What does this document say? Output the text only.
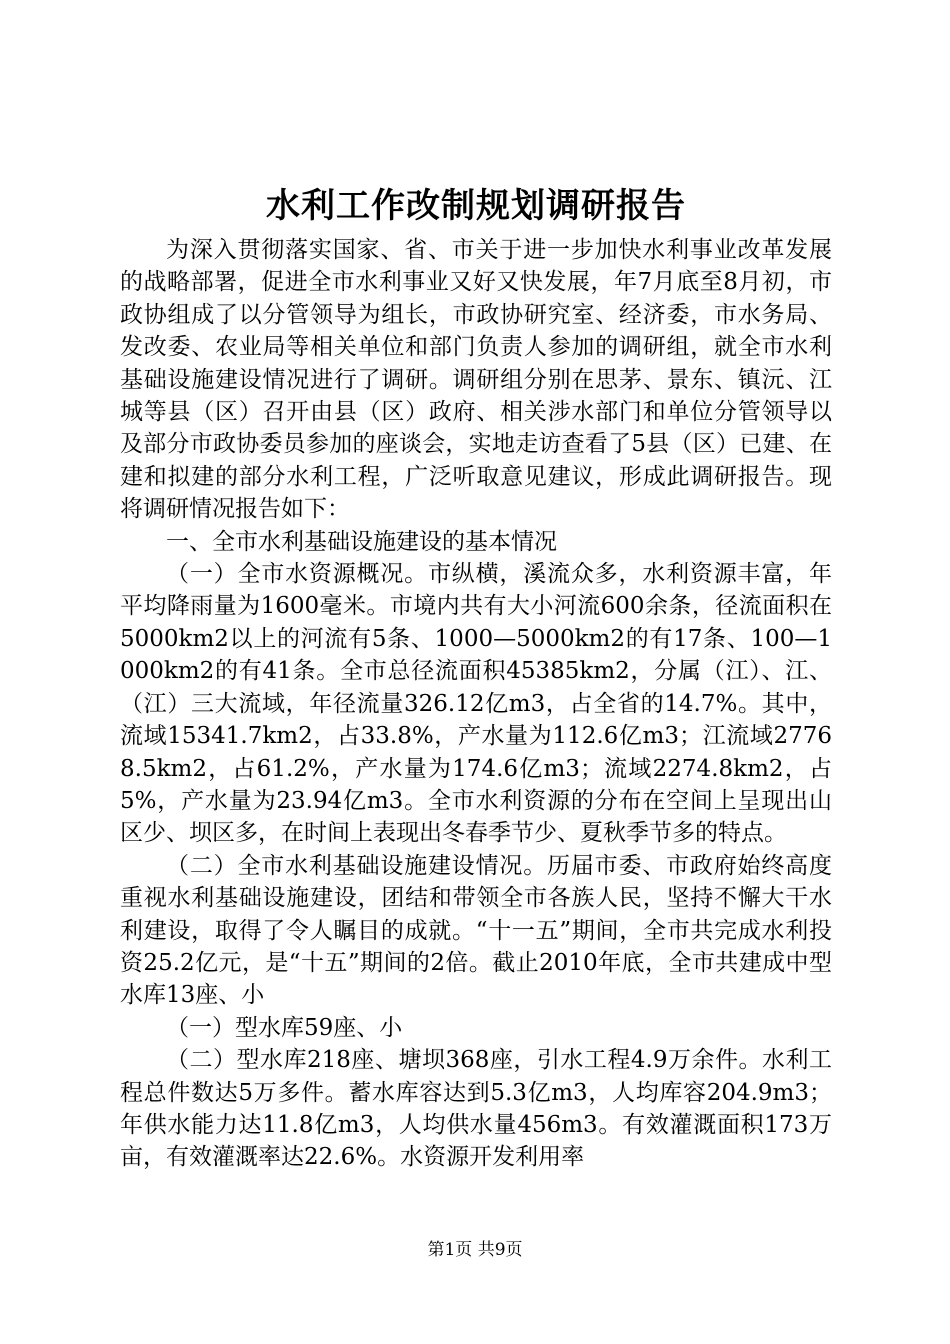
水利工作改制规划调研报告

为深入贯彻落实国家、省、市关于进一步加快水利事业改革发展的战略部署，促进全市水利事业又好又快发展，年7月底至8月初，市政协组成了以分管领导为组长，市政协研究室、经济委，市水务局、发改委、农业局等相关单位和部门负责人参加的调研组，就全市水利基础设施建设情况进行了调研。调研组分别在思茅、景东、镇沅、江城等县（区）召开由县（区）政府、相关涉水部门和单位分管领导以及部分市政协委员参加的座谈会，实地走访查看了5县（区）已建、在建和拟建的部分水利工程，广泛听取意见建议，形成此调研报告。现将调研情况报告如下：

一、全市水利基础设施建设的基本情况

（一）全市水资源概况。市纵横，溪流众多，水利资源丰富，年平均降雨量为1600毫米。市境内共有大小河流600余条，径流面积在5000km2以上的河流有5条、1000—5000km2的有17条、100—1000km2的有41条。全市总径流面积45385km2，分属（江）、江、（江）三大流域，年径流量326.12亿m3，占全省的14.7%。其中，流域15341.7km2，占33.8%，产水量为112.6亿m3；江流域27768.5km2，占61.2%，产水量为174.6亿m3；流域2274.8km2，占5%，产水量为23.94亿m3。全市水利资源的分布在空间上呈现出山区少、坝区多，在时间上表现出冬春季节少、夏秋季节多的特点。

（二）全市水利基础设施建设情况。历届市委、市政府始终高度重视水利基础设施建设，团结和带领全市各族人民，坚持不懈大干水利建设，取得了令人瞩目的成就。“十一五”期间，全市共完成水利投资25.2亿元，是“十五”期间的2倍。截止2010年底，全市共建成中型水库13座、小

（一）型水库59座、小

（二）型水库218座、塘坝368座，引水工程4.9万余件。水利工程总件数达5万多件。蓄水库容达到5.3亿m3，人均库容204.9m3；年供水能力达11.8亿m3，人均供水量456m3。有效灌溉面积173万亩，有效灌溉率达22.6%。水资源开发利用率

第1页 共9页
